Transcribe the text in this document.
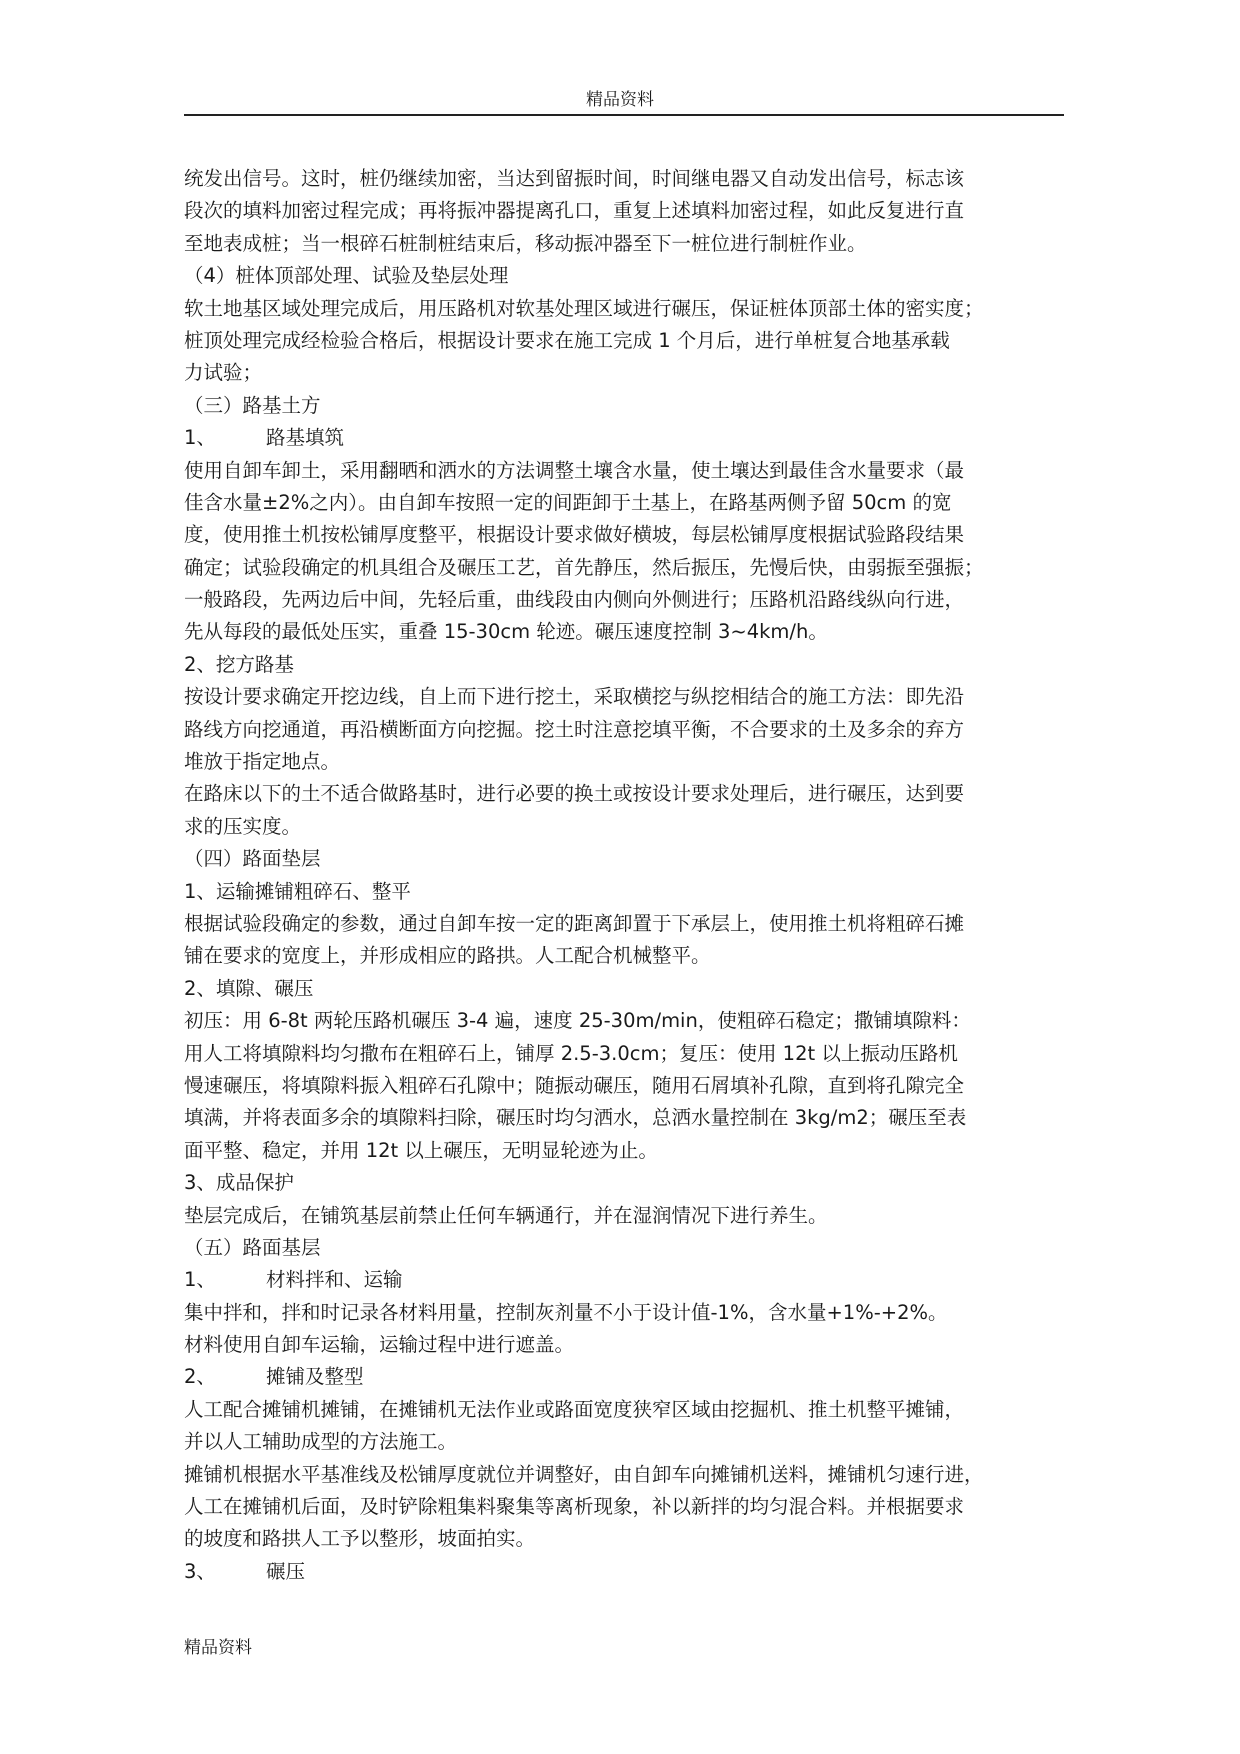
精品资料
统发出信号。这时，桩仍继续加密，当达到留振时间，时间继电器又自动发出信号，标志该
段次的填料加密过程完成；再将振冲器提离孔口，重复上述填料加密过程，如此反复进行直
至地表成桩；当一根碎石桩制桩结束后，移动振冲器至下一桩位进行制桩作业。
（4）桩体顶部处理、试验及垫层处理
软土地基区域处理完成后，用压路机对软基处理区域进行碾压，保证桩体顶部土体的密实度；
桩顶处理完成经检验合格后，根据设计要求在施工完成 1 个月后，进行单桩复合地基承载
力试验；
（三）路基土方
1、	路基填筑
使用自卸车卸土，采用翻晒和洒水的方法调整土壤含水量，使土壤达到最佳含水量要求（最
佳含水量±2%之内）。由自卸车按照一定的间距卸于土基上，在路基两侧予留 50cm 的宽
度，使用推土机按松铺厚度整平，根据设计要求做好横坡，每层松铺厚度根据试验路段结果
确定；试验段确定的机具组合及碾压工艺，首先静压，然后振压，先慢后快，由弱振至强振；
一般路段，先两边后中间，先轻后重，曲线段由内侧向外侧进行；压路机沿路线纵向行进，
先从每段的最低处压实，重叠 15-30cm 轮迹。碾压速度控制 3~4km/h。
2、挖方路基
按设计要求确定开挖边线，自上而下进行挖土，采取横挖与纵挖相结合的施工方法：即先沿
路线方向挖通道，再沿横断面方向挖掘。挖土时注意挖填平衡，不合要求的土及多余的弃方
堆放于指定地点。
在路床以下的土不适合做路基时，进行必要的换土或按设计要求处理后，进行碾压，达到要
求的压实度。
（四）路面垫层
1、运输摊铺粗碎石、整平
根据试验段确定的参数，通过自卸车按一定的距离卸置于下承层上，使用推土机将粗碎石摊
铺在要求的宽度上，并形成相应的路拱。人工配合机械整平。
2、填隙、碾压
初压：用 6-8t 两轮压路机碾压 3-4 遍，速度 25-30m/min，使粗碎石稳定；撒铺填隙料：
用人工将填隙料均匀撒布在粗碎石上，铺厚 2.5-3.0cm；复压：使用 12t 以上振动压路机
慢速碾压，将填隙料振入粗碎石孔隙中；随振动碾压，随用石屑填补孔隙，直到将孔隙完全
填满，并将表面多余的填隙料扫除，碾压时均匀洒水，总洒水量控制在 3kg/m2；碾压至表
面平整、稳定，并用 12t 以上碾压，无明显轮迹为止。
3、成品保护
垫层完成后，在铺筑基层前禁止任何车辆通行，并在湿润情况下进行养生。
（五）路面基层
1、	材料拌和、运输
集中拌和，拌和时记录各材料用量，控制灰剂量不小于设计值-1%，含水量+1%-+2%。
材料使用自卸车运输，运输过程中进行遮盖。
2、	摊铺及整型
人工配合摊铺机摊铺，在摊铺机无法作业或路面宽度狭窄区域由挖掘机、推土机整平摊铺，
并以人工辅助成型的方法施工。
摊铺机根据水平基准线及松铺厚度就位并调整好，由自卸车向摊铺机送料，摊铺机匀速行进，
人工在摊铺机后面，及时铲除粗集料聚集等离析现象，补以新拌的均匀混合料。并根据要求
的坡度和路拱人工予以整形，坡面拍实。
3、	碾压
精品资料
